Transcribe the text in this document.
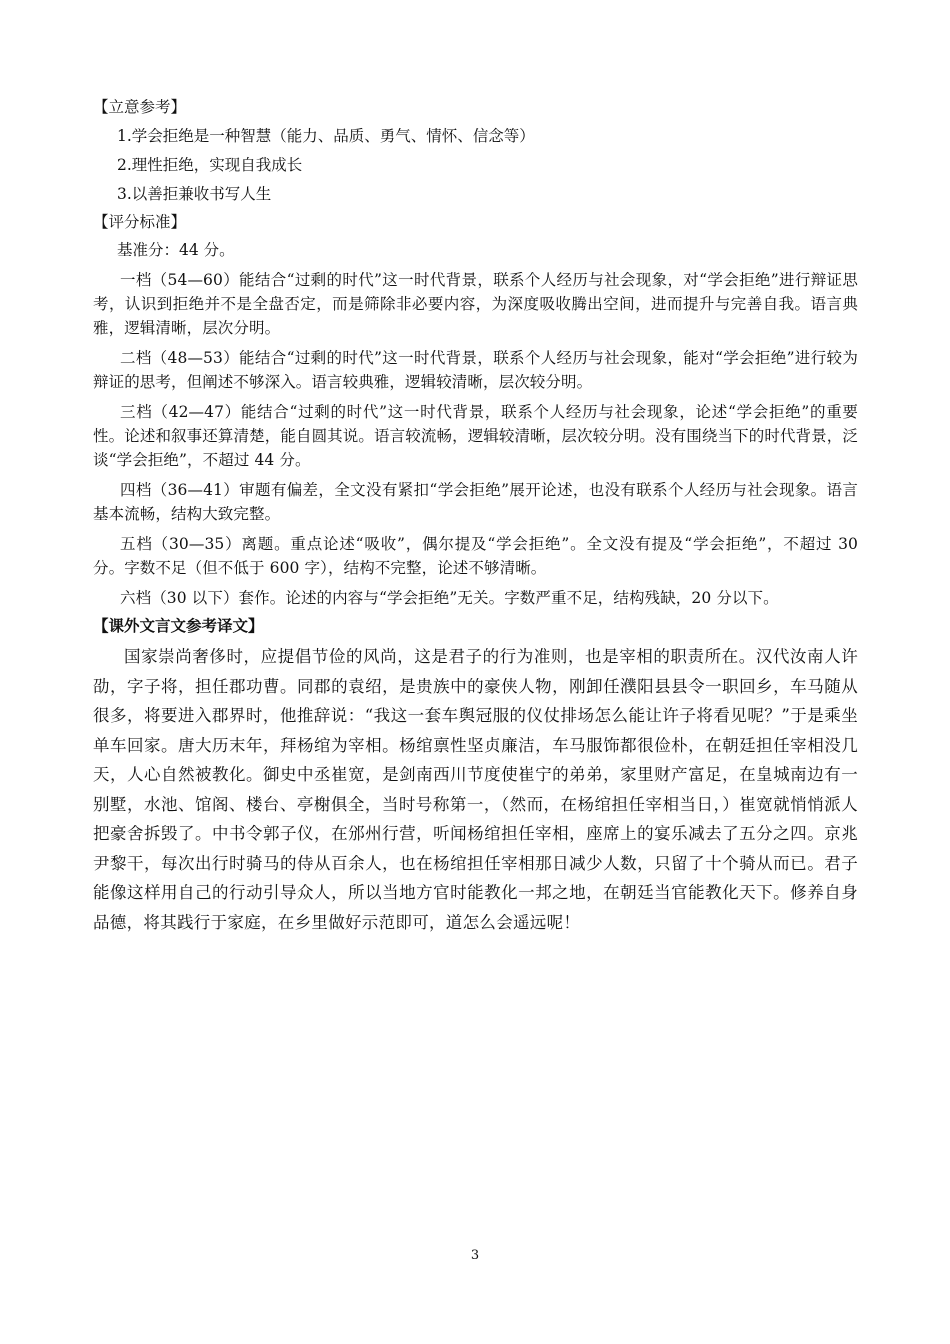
【立意参考】
1.学会拒绝是一种智慧（能力、品质、勇气、情怀、信念等）
2.理性拒绝，实现自我成长
3.以善拒兼收书写人生
【评分标准】
基准分：44 分。

一档（54—60）能结合“过剩的时代”这一时代背景，联系个人经历与社会现象，对“学会拒绝”进行辩证思考，认识到拒绝并不是全盘否定，而是筛除非必要内容，为深度吸收腾出空间，进而提升与完善自我。语言典雅，逻辑清晰，层次分明。

二档（48—53）能结合“过剩的时代”这一时代背景，联系个人经历与社会现象，能对“学会拒绝”进行较为辩证的思考，但阐述不够深入。语言较典雅，逻辑较清晰，层次较分明。

三档（42—47）能结合“过剩的时代”这一时代背景，联系个人经历与社会现象，论述“学会拒绝”的重要性。论述和叙事还算清楚，能自圆其说。语言较流畅，逻辑较清晰，层次较分明。没有围绕当下的时代背景，泛谈“学会拒绝”，不超过 44 分。

四档（36—41）审题有偏差，全文没有紧扣“学会拒绝”展开论述，也没有联系个人经历与社会现象。语言基本流畅，结构大致完整。

五档（30—35）离题。重点论述“吸收”，偶尔提及“学会拒绝”。全文没有提及“学会拒绝”，不超过 30 分。字数不足（但不低于 600 字），结构不完整，论述不够清晰。

六档（30 以下）套作。论述的内容与“学会拒绝”无关。字数严重不足，结构残缺，20 分以下。

【课外文言文参考译文】

国家崇尚奢侈时，应提倡节俭的风尚，这是君子的行为准则，也是宰相的职责所在。汉代汝南人许劭，字子将，担任郡功曹。同郡的袁绍，是贵族中的豪侠人物，刚卸任濮阳县县令一职回乡，车马随从很多，将要进入郡界时，他推辞说：“我这一套车舆冠服的仪仗排场怎么能让许子将看见呢？”于是乘坐单车回家。唐大历末年，拜杨绾为宰相。杨绾禀性坚贞廉洁，车马服饰都很俭朴，在朝廷担任宰相没几天，人心自然被教化。御史中丞崔宽，是剑南西川节度使崔宁的弟弟，家里财产富足，在皇城南边有一别墅，水池、馆阁、楼台、亭榭俱全，当时号称第一，（然而，在杨绾担任宰相当日，）崔宽就悄悄派人把豪舍拆毁了。中书令郭子仪，在邠州行营，听闻杨绾担任宰相，座席上的宴乐减去了五分之四。京兆尹黎干，每次出行时骑马的侍从百余人，也在杨绾担任宰相那日减少人数，只留了十个骑从而已。君子能像这样用自己的行动引导众人，所以当地方官时能教化一邦之地，在朝廷当官能教化天下。修养自身品德，将其践行于家庭，在乡里做好示范即可，道怎么会遥远呢！

3
